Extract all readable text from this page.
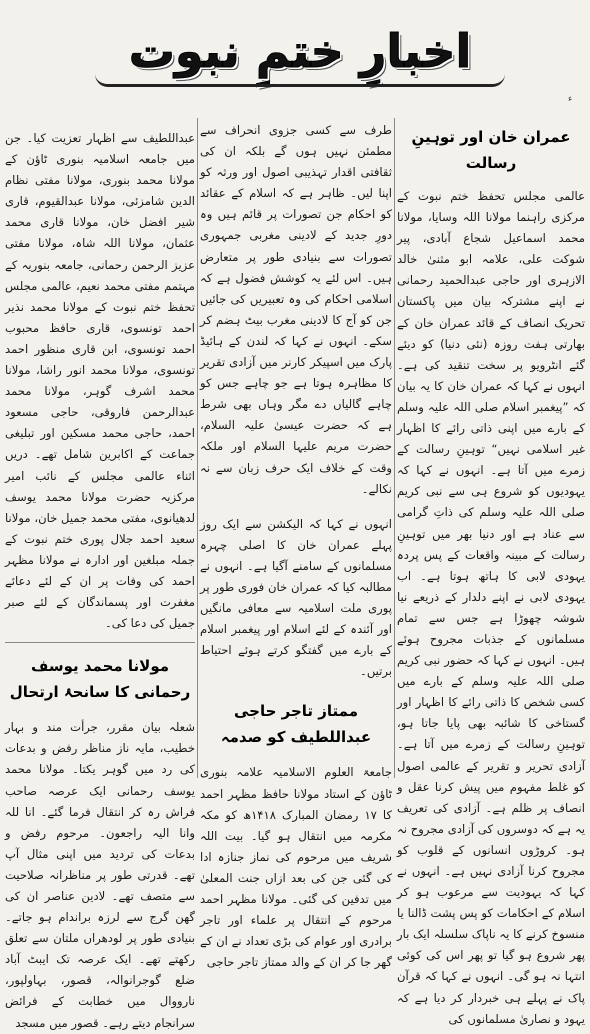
اخبارِ ختمِ نبوت
ء
عمران خان اور توہینِ رسالت

عالمی مجلس تحفظ ختم نبوت کے مرکزی راہنما مولانا اللہ وسایا، مولانا محمد اسماعیل شجاع آبادی، پیر شوکت علی، علامہ ابو مثنیٰ خالد الازہری اور حاجی عبدالحمید رحمانی نے اپنے مشترکہ بیان میں پاکستان تحریک انصاف کے قائد عمران خان کے بھارتی ہفت روزہ (نئی دنیا) کو دیئے گئے انٹرویو پر سخت تنقید کی ہے۔ انہوں نے کہا کہ عمران خان کا یہ بیان کہ ”پیغمبر اسلام صلی اللہ علیہ وسلم کے بارے میں اپنی ذاتی رائے کا اظہار غیر اسلامی نہیں“ توہینِ رسالت کے زمرے میں آتا ہے۔ انہوں نے کہا کہ یہودیوں کو شروع ہی سے نبی کریم صلی اللہ علیہ وسلم کی ذاتِ گرامی سے عناد ہے اور دنیا بھر میں توہینِ رسالت کے مبینہ واقعات کے پس پردہ یہودی لابی کا ہاتھ ہوتا ہے۔ اب یہودی لابی نے اپنے دلدار کے ذریعے نیا شوشہ چھوڑا ہے جس سے تمام مسلمانوں کے جذبات مجروح ہوئے ہیں۔ انہوں نے کہا کہ حضور نبی کریم صلی اللہ علیہ وسلم کے بارے میں کسی شخص کا ذاتی رائے کا اظہار اور گستاخی کا شائبہ بھی پایا جاتا ہو، توہینِ رسالت کے زمرے میں آتا ہے۔ آزادی تحریر و تقریر کے عالمی اصول کو غلط مفہوم میں پیش کرنا عقل و انصاف پر ظلم ہے۔ آزادی کی تعریف یہ ہے کہ دوسروں کی آزادی مجروح نہ ہو۔ کروڑوں انسانوں کے قلوب کو مجروح کرنا آزادی نہیں ہے۔ انہوں نے کہا کہ یہودیت سے مرعوب ہو کر اسلام کے احکامات کو پس پشت ڈالنا یا منسوخ کرنے کا یہ ناپاک سلسلہ ایک بار پھر شروع ہو گیا تو پھر اس کی کوئی انتہا نہ ہو گی۔ انہوں نے کہا کہ قرآن پاک نے پہلے ہی خبردار کر دیا ہے کہ یہود و نصاریٰ مسلمانوں کی

طرف سے کسی جزوی انحراف سے مطمئن نہیں ہوں گے بلکہ ان کی ثقافتی اقدار تہذیبی اصول اور ورثہ کو اپنا لیں۔ ظاہر ہے کہ اسلام کے عقائد کو احکام جن تصورات پر قائم ہیں وہ دورِ جدید کے لادینی مغربی جمہوری تصورات سے بنیادی طور پر متعارض ہیں۔ اس لئے یہ کوشش فضول ہے کہ اسلامی احکام کی وہ تعبیریں کی جائیں جن کو آج کا لادینی مغرب بیٹ ہضم کر سکے۔ انہوں نے کہا کہ لندن کے ہائیڈ پارک میں اسپیکر کارنر میں آزادی تقریر کا مظاہرہ ہوتا ہے جو چاہے جس کو چاہے گالیاں دے مگر وہاں بھی شرط ہے کہ حضرت عیسیٰ علیہ السلام، حضرت مریم علیہا السلام اور ملکہ وقت کے خلاف ایک حرف زبان سے نہ نکالے۔

انہوں نے کہا کہ الیکشن سے ایک روز پہلے عمران خان کا اصلی چہرہ مسلمانوں کے سامنے آگیا ہے۔ انہوں نے مطالبہ کیا کہ عمران خان فوری طور پر پوری ملت اسلامیہ سے معافی مانگیں اور آئندہ کے لئے اسلام اور پیغمبر اسلام کے بارے میں گفتگو کرتے ہوئے احتیاط برتیں۔

ممتاز تاجر حاجی عبداللطیف کو صدمہ

جامعۃ العلوم الاسلامیہ علامہ بنوری ٹاؤن کے استاد مولانا حافظ مظہر احمد کا ۱۷ رمضان المبارک ۱۴۱۸ھ کو مکہ مکرمہ میں انتقال ہو گیا۔ بیت اللہ شریف میں مرحوم کی نماز جنازہ ادا کی گئی جن کی بعد ازاں جنت المعلیٰ میں تدفین کی گئی۔ مولانا مظہر احمد مرحوم کے انتقال پر علماء اور تاجر برادری اور عوام کی بڑی تعداد نے ان کے گھر جا کر ان کے والد ممتاز تاجر حاجی

عبداللطیف سے اظہار تعزیت کیا۔ جن میں جامعہ اسلامیہ بنوری ٹاؤن کے مولانا محمد بنوری، مولانا مفتی نظام الدین شامزئی، مولانا عبدالقیوم، قاری شیر افضل خان، مولانا قاری محمد عثمان، مولانا اللہ شاہ، مولانا مفتی عزیز الرحمن رحمانی، جامعہ بنوریہ کے مہتمم مفتی محمد نعیم، عالمی مجلس تحفظ ختم نبوت کے مولانا محمد نذیر احمد تونسوی، قاری حافظ محبوب احمد تونسوی، ابن قاری منظور احمد تونسوی، مولانا محمد انور راشا، مولانا محمد اشرف گوہر، مولانا محمد عبدالرحمن فاروقی، حاجی مسعود احمد، حاجی محمد مسکین اور تبلیغی جماعت کے اکابرین شامل تھے۔ دریں اثناء عالمی مجلس کے نائب امیر مرکزیہ حضرت مولانا محمد یوسف لدھیانوی، مفتی محمد جمیل خان، مولانا سعید احمد جلال پوری ختم نبوت کے جملہ مبلغین اور ادارہ نے مولانا مظہر احمد کی وفات پر ان کے لئے دعائے مغفرت اور پسماندگان کے لئے صبر جمیل کی دعا کی۔

مولانا محمد یوسف رحمانی کا سانحۂ ارتحال

شعلہ بیان مقرر، جرأت مند و بہار خطیب، مایہ ناز مناظر رفض و بدعات کی رد میں گوہر یکتا۔ مولانا محمد یوسف رحمانی ایک عرصہ صاحب فراش رہ کر انتقال فرما گئے۔ انا للہ وانا الیہ راجعون۔ مرحوم رفض و بدعات کی تردید میں اپنی مثال آپ تھے۔ قدرتی طور پر مناظرانہ صلاحیت سے متصف تھے۔ لادین عناصر ان کی گھن گرج سے لرزہ براندام ہو جاتے۔ بنیادی طور پر لودھراں ملتان سے تعلق رکھتے تھے۔ ایک عرصہ تک ایبٹ آباد ضلع گوجرانوالہ، قصور، بہاولپور، نارووال میں خطابت کے فرائض سرانجام دیتے رہے۔ قصور میں مسجد
